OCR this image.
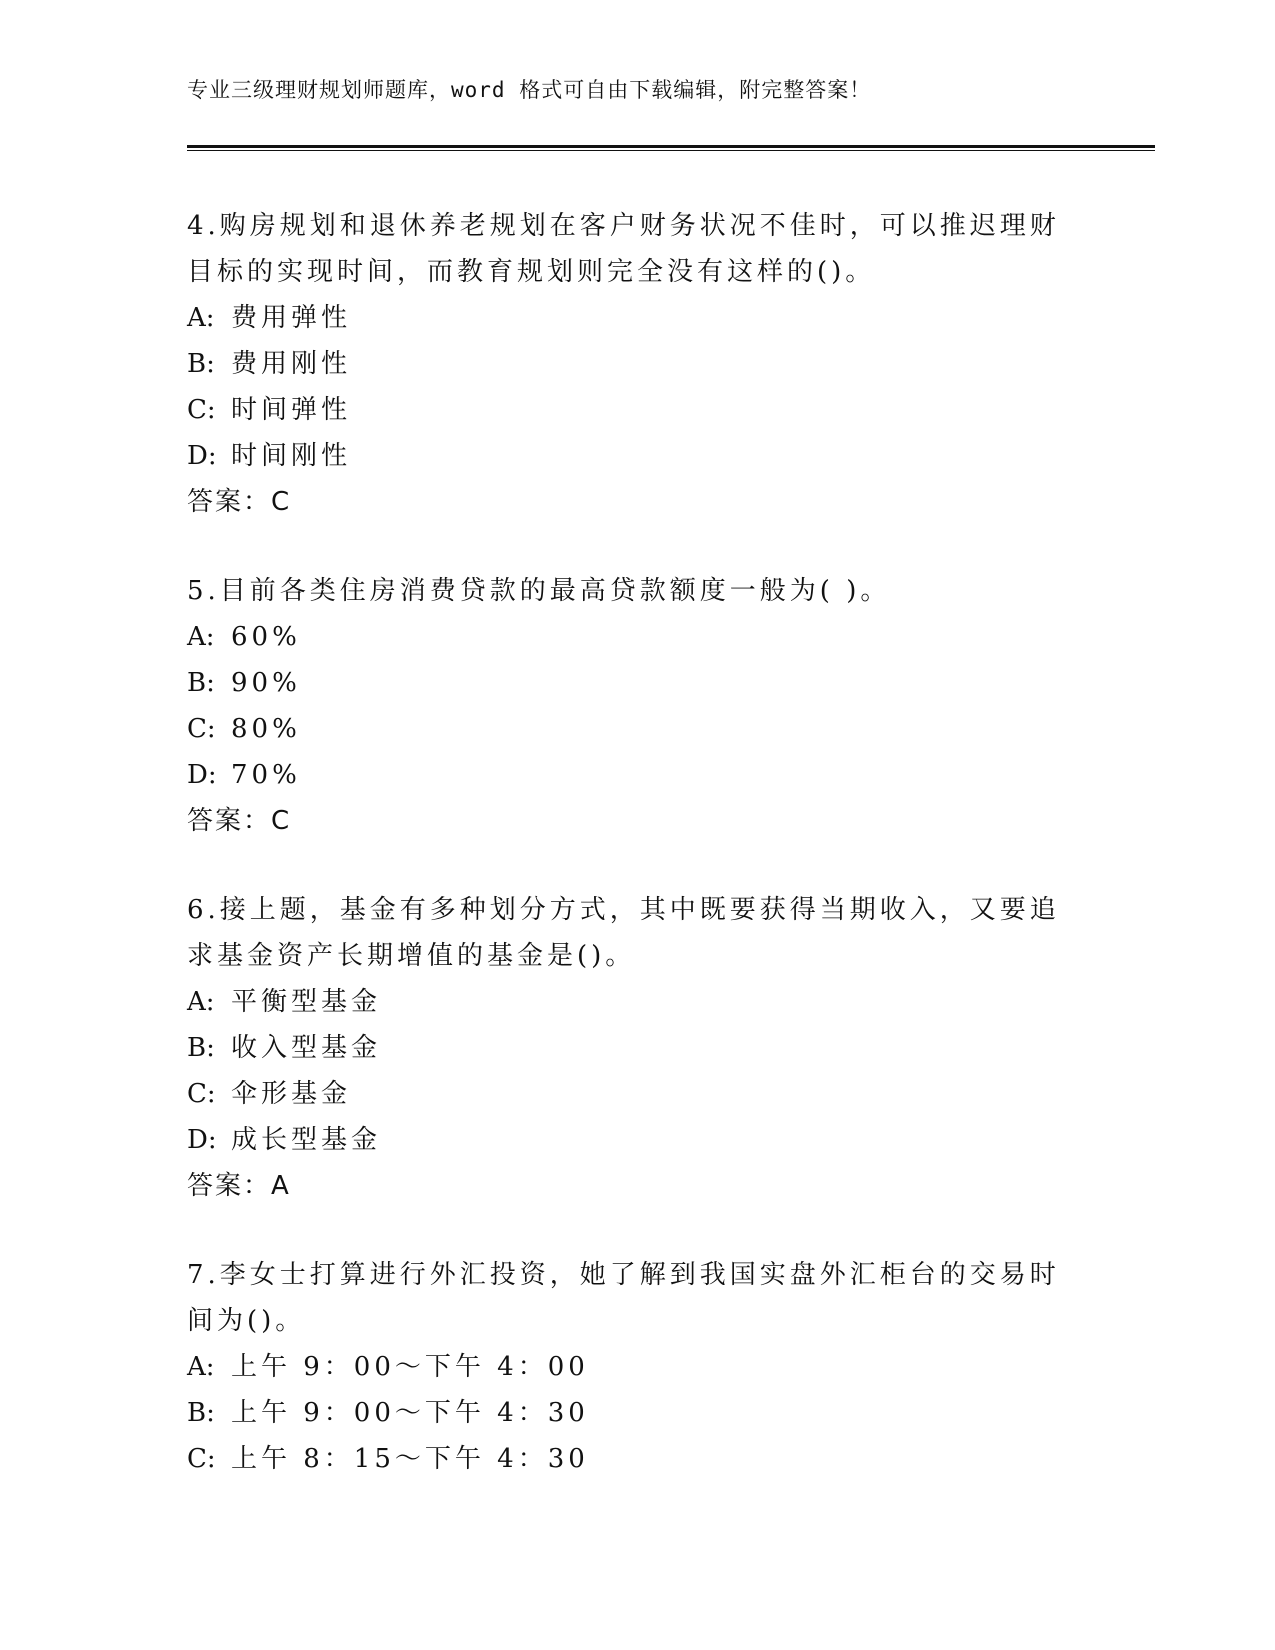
专业三级理财规划师题库，word 格式可自由下载编辑，附完整答案！

4.购房规划和退休养老规划在客户财务状况不佳时，可以推迟理财目标的实现时间，而教育规划则完全没有这样的()。

A: 费用弹性
B: 费用刚性
C: 时间弹性
D: 时间刚性
答案：C

5.目前各类住房消费贷款的最高贷款额度一般为( )。

A: 60%
B: 90%
C: 80%
D: 70%
答案：C

6.接上题，基金有多种划分方式，其中既要获得当期收入，又要追求基金资产长期增值的基金是()。

A: 平衡型基金
B: 收入型基金
C: 伞形基金
D: 成长型基金
答案：A

7.李女士打算进行外汇投资，她了解到我国实盘外汇柜台的交易时间为()。

A: 上午 9：00～下午 4：00
B: 上午 9：00～下午 4：30
C: 上午 8：15～下午 4：30
